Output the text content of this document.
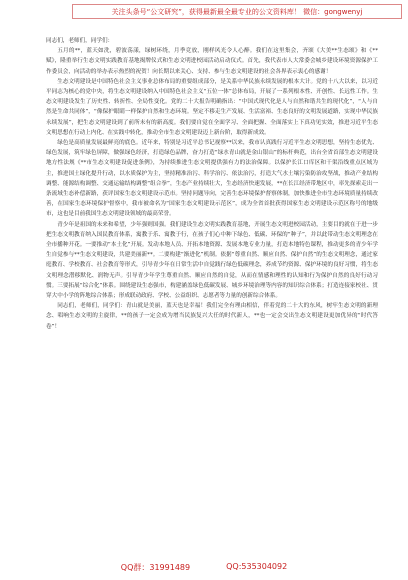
关注头条号“公文研究”，获得最新最全最专业的公文资料库！ 微信：gongwenyj

同志们，老师们，同学们：

五月的**，蓝天如洗，碧波荡漾，绿树环绕，月季竞放，刚样风光令人心醉。我们在这里集会，齐颂《大美**生态颂》和《**赋》，隆重举行生态文明实践教育基地揭牌仪式和生态文明进校园活动启动仪式。首先，我代表市人大常委会城乡建设环境资源保护工作委员会，向活动的举办表示热烈的祝贺！向长期以来关心、支持、参与生态文明建设的社会各界表示衷心的感谢！

生态文明建设是中国特色社会主义事业总体布局的重要组成部分，是关系中华民族永续发展的根本大计。党的十八大以来，以习近平同志为核心的党中央，将生态文明建设纳入中国特色社会主义“五位一体”总体布局，开展了一系列根本性、开创性、长远性工作。生态文明建设发生了历史性、转折性、全局性变化。党的二十大报告明确指出：“中国式现代化是人与自然和谐共生的现代化”，“人与自然是生命共同体”，“像保护眼睛一样保护自然和生态环境。坚定不移走生产发展、生活富裕、生态良好的文明发展道路，实现中华民族永续发展”，把生态文明建设到了前所未有的新高度。我们要自觉在全面学习、全面把握、全面落实上下真功见实效，推进习近平生态文明思想在行动上内化、在实践中转化，推动全市生态文明建设迈上新台阶，取得新成效。

绿色是高质量发展最鲜亮的底色。近年来，特别是习近平总书记视察**以来，我市认真践行习近平生态文明思想，坚持生态优先、绿色发展，筑牢绿色屏障，做强绿色经济，打造绿色品牌，奋力打造“绿水青山就是金山银山”的标杆典范，出台全省首部生态文明建设地方性法规《**市生态文明建设促进条例》，为持续推进生态文明提供强有力的法治保障。以保护长江口库区和干渠沿线重点区域为主，推进国土绿化提升行动，以水质保护为主，坚持精准治污、科学治污、依法治污，打造大气水土壤污染防治攻坚战，推动产业结构调整、能源结构调整、交通运输结构调整“组合拳”，生态产业持续壮大，生态经济快速发展，**在长江经济带地区中，率先探索走出一条流域生态补偿新路，获评国家生态文明建设示范市。坚持问题导向，完善生态环境保护督察体制，加快推进全市生态环境质量持续改善，在国家生态环境保护督察中，我市被命名为“国家生态文明建设示范区”，成为全省首批获得国家生态文明建设示范区称号的地级市，这也是目前我国生态文明建设领域的最高荣誉。

青少年是祖国的未来和希望，少年强则国强。我们建设生态文明实践教育基地，开展生态文明进校园活动，主要目的就在于进一步把生态文明教育纳入国民教育体系，寓教于乐、寓教于行，在孩子们心中种下绿色、低碳、环保的“种子”，并以此带动生态文明理念在全市播种开花。一要推动“本土化”开展。发动本地人员、开拓本地资源、发展本地专业力量，打造本地特色课程，推动更多的青少年学生自觉参与**生态文明建设，共建美丽新**。二要构建“渐进化”机制。依据“尊重自然、顺应自然、保护自然”的生态文明理念，通过家庭教育、学校教育、社会教育等形式，引导青少年在日常生活中自觉践行绿色低碳理念，养成节约资源、保护环境的良好习惯，将生态文明理念潜移默化、润物无声。引导青少年学生尊重自然、顺应自然的自觉，从而在情感和理性的认知和行为保护自然的良好行动习惯。三要拓展“综合化”体系。围绕建设生态强市，构建涵盖绿色低碳发展、城乡环境治理等内容的知识综合体系；打造连接家校社、贯穿大中小学的阵地综合体系；形成联动政府、学校、公益组织、志愿者等力量的创新综合体系。

同志们，老师们，同学们：青山就是美丽，蓝天也是幸福！我们完全有理由相信，伴着党的二十大的东风，树牢生态文明的新理念、唱响生态文明的主旋律，**的孩子一定会成为增当民族复兴大任的时代新人，**也一定会交出生态文明建设更加优异的“时代答卷”！

QQ群：31991489	QQ:535304092
